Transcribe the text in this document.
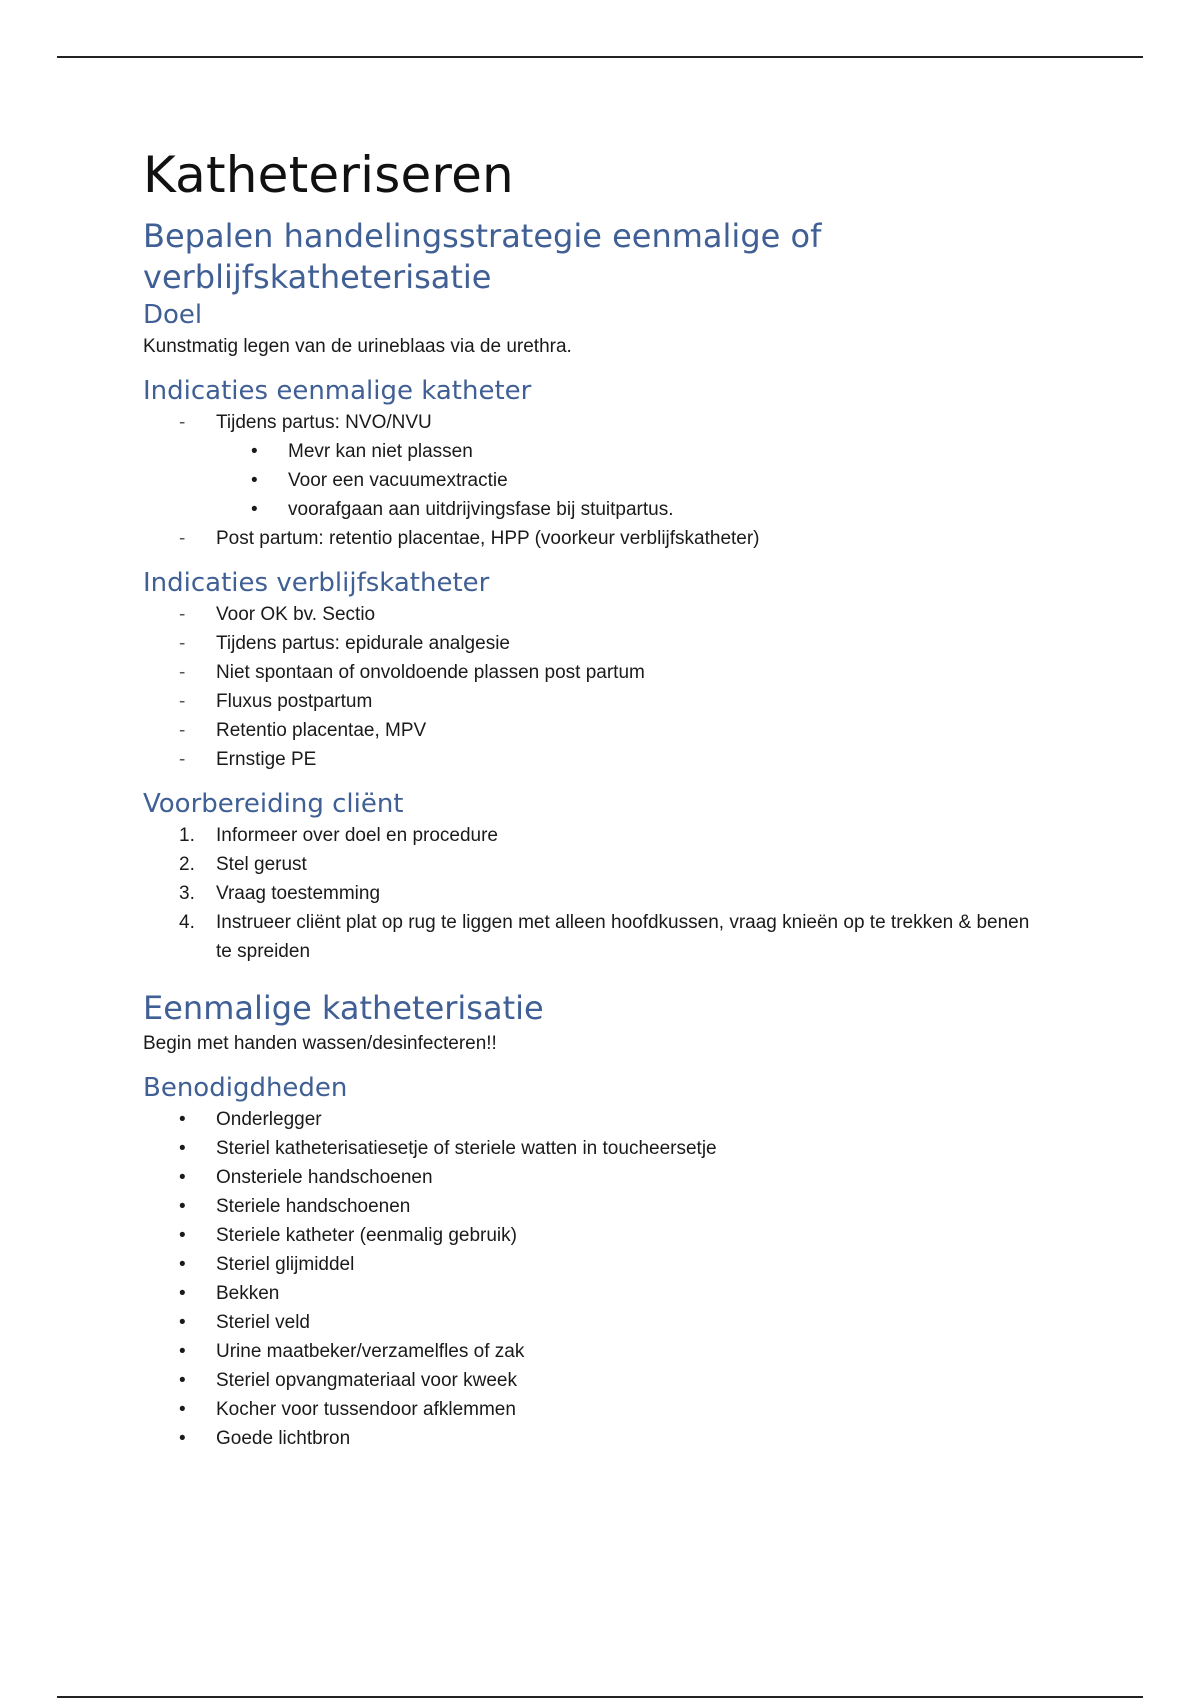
Katheteriseren
Bepalen handelingsstrategie eenmalige of verblijfskatheterisatie
Doel

Kunstmatig legen van de urineblaas via de urethra.

Indicaties eenmalige katheter
- Tijdens partus: NVO/NVU
• Mevr kan niet plassen
• Voor een vacuumextractie
• voorafgaan aan uitdrijvingsfase bij stuitpartus.
- Post partum: retentio placentae, HPP (voorkeur verblijfskatheter)
Indicaties verblijfskatheter
- Voor OK bv. Sectio
- Tijdens partus: epidurale analgesie
- Niet spontaan of onvoldoende plassen post partum
- Fluxus postpartum
- Retentio placentae, MPV
- Ernstige PE
Voorbereiding cliënt
1. Informeer over doel en procedure
2. Stel gerust
3. Vraag toestemming
4. Instrueer cliënt plat op rug te liggen met alleen hoofdkussen, vraag knieën op te trekken & benen te spreiden
Eenmalige katheterisatie

Begin met handen wassen/desinfecteren!!

Benodigdheden
• Onderlegger
• Steriel katheterisatiesetje of steriele watten in toucheersetje
• Onsteriele handschoenen
• Steriele handschoenen
• Steriele katheter (eenmalig gebruik)
• Steriel glijmiddel
• Bekken
• Steriel veld
• Urine maatbeker/verzamelfles of zak
• Steriel opvangmateriaal voor kweek
• Kocher voor tussendoor afklemmen
• Goede lichtbron
